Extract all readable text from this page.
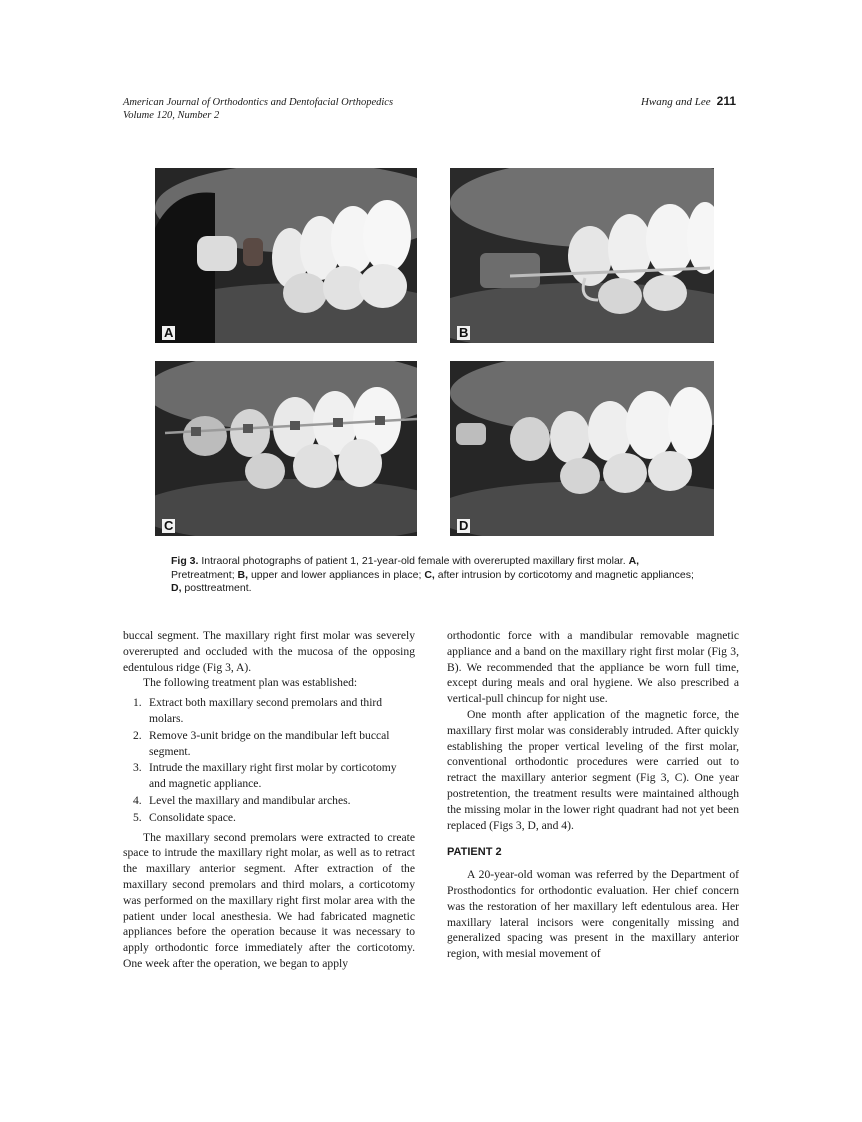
American Journal of Orthodontics and Dentofacial Orthopedics
Volume 120, Number 2
Hwang and Lee 211
A	B
C	D
Fig 3. Intraoral photographs of patient 1, 21-year-old female with overerupted maxillary first molar. A, Pretreatment; B, upper and lower appliances in place; C, after intrusion by corticotomy and magnetic appliances; D, posttreatment.

buccal segment. The maxillary right first molar was severely overerupted and occluded with the mucosa of the opposing edentulous ridge (Fig 3, A).

The following treatment plan was established:

1. Extract both maxillary second premolars and third molars.
2. Remove 3-unit bridge on the mandibular left buccal segment.
3. Intrude the maxillary right first molar by corticotomy and magnetic appliance.
4. Level the maxillary and mandibular arches.
5. Consolidate space.

The maxillary second premolars were extracted to create space to intrude the maxillary right molar, as well as to retract the maxillary anterior segment. After extraction of the maxillary second premolars and third molars, a corticotomy was performed on the maxillary right first molar area with the patient under local anesthesia. We had fabricated magnetic appliances before the operation because it was necessary to apply orthodontic force immediately after the corticotomy. One week after the operation, we began to apply

orthodontic force with a mandibular removable magnetic appliance and a band on the maxillary right first molar (Fig 3, B). We recommended that the appliance be worn full time, except during meals and oral hygiene. We also prescribed a vertical-pull chincup for night use.

One month after application of the magnetic force, the maxillary first molar was considerably intruded. After quickly establishing the proper vertical leveling of the first molar, conventional orthodontic procedures were carried out to retract the maxillary anterior segment (Fig 3, C). One year postretention, the treatment results were maintained although the missing molar in the lower right quadrant had not yet been replaced (Figs 3, D, and 4).

PATIENT 2

A 20-year-old woman was referred by the Department of Prosthodontics for orthodontic evaluation. Her chief concern was the restoration of her maxillary left edentulous area. Her maxillary lateral incisors were congenitally missing and generalized spacing was present in the maxillary anterior region, with mesial movement of
